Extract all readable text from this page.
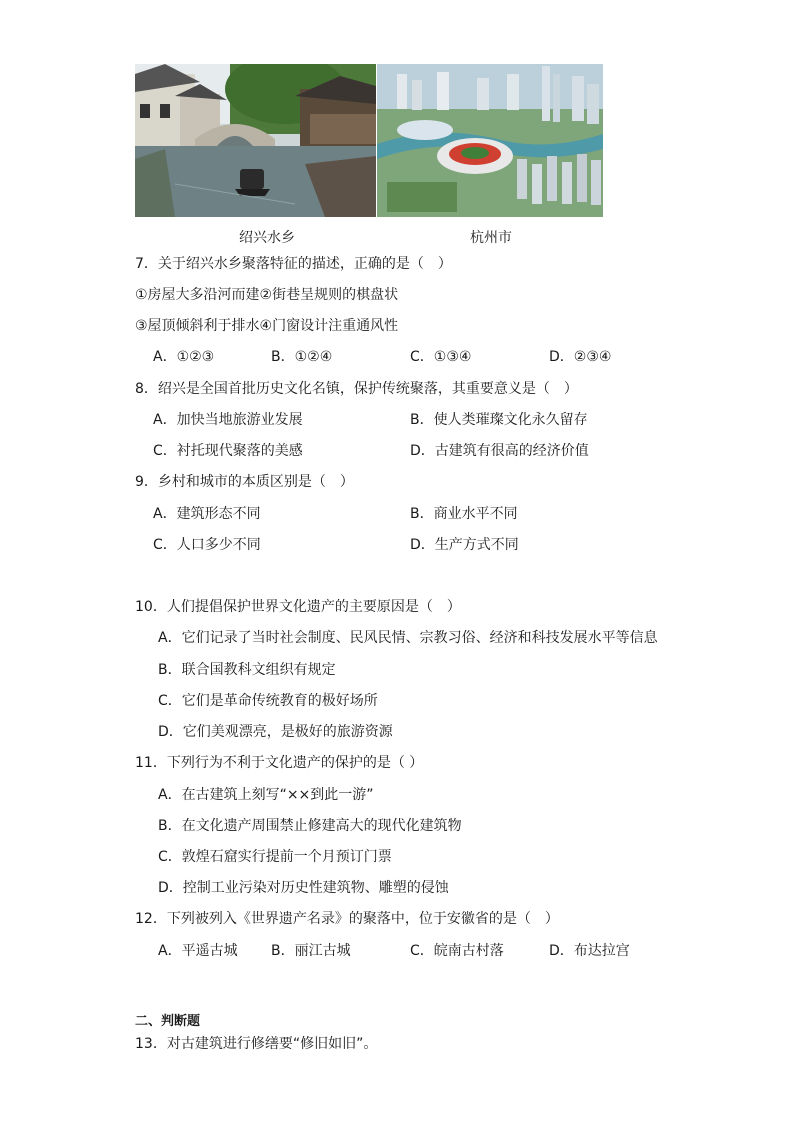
绍兴水乡	杭州市
7．关于绍兴水乡聚落特征的描述，正确的是（　）
①房屋大多沿河而建②街巷呈规则的棋盘状
③屋顶倾斜利于排水④门窗设计注重通风性
A．①②③	B．①②④	C．①③④	D．②③④
8．绍兴是全国首批历史文化名镇，保护传统聚落，其重要意义是（　）
A．加快当地旅游业发展	B．使人类璀璨文化永久留存
C．衬托现代聚落的美感	D．古建筑有很高的经济价值
9．乡村和城市的本质区别是（　）
A．建筑形态不同	B．商业水平不同
C．人口多少不同	D．生产方式不同
10．人们提倡保护世界文化遗产的主要原因是（　）
A．它们记录了当时社会制度、民风民情、宗教习俗、经济和科技发展水平等信息
B．联合国教科文组织有规定
C．它们是革命传统教育的极好场所
D．它们美观漂亮，是极好的旅游资源
11．下列行为不利于文化遗产的保护的是（ ）
A．在古建筑上刻写“××到此一游”
B．在文化遗产周围禁止修建高大的现代化建筑物
C．敦煌石窟实行提前一个月预订门票
D．控制工业污染对历史性建筑物、雕塑的侵蚀
12．下列被列入《世界遗产名录》的聚落中，位于安徽省的是（　）
A．平遥古城 B．丽江古城	C．皖南古村落	D．布达拉宫
二、判断题
13．对古建筑进行修缮要“修旧如旧”。
